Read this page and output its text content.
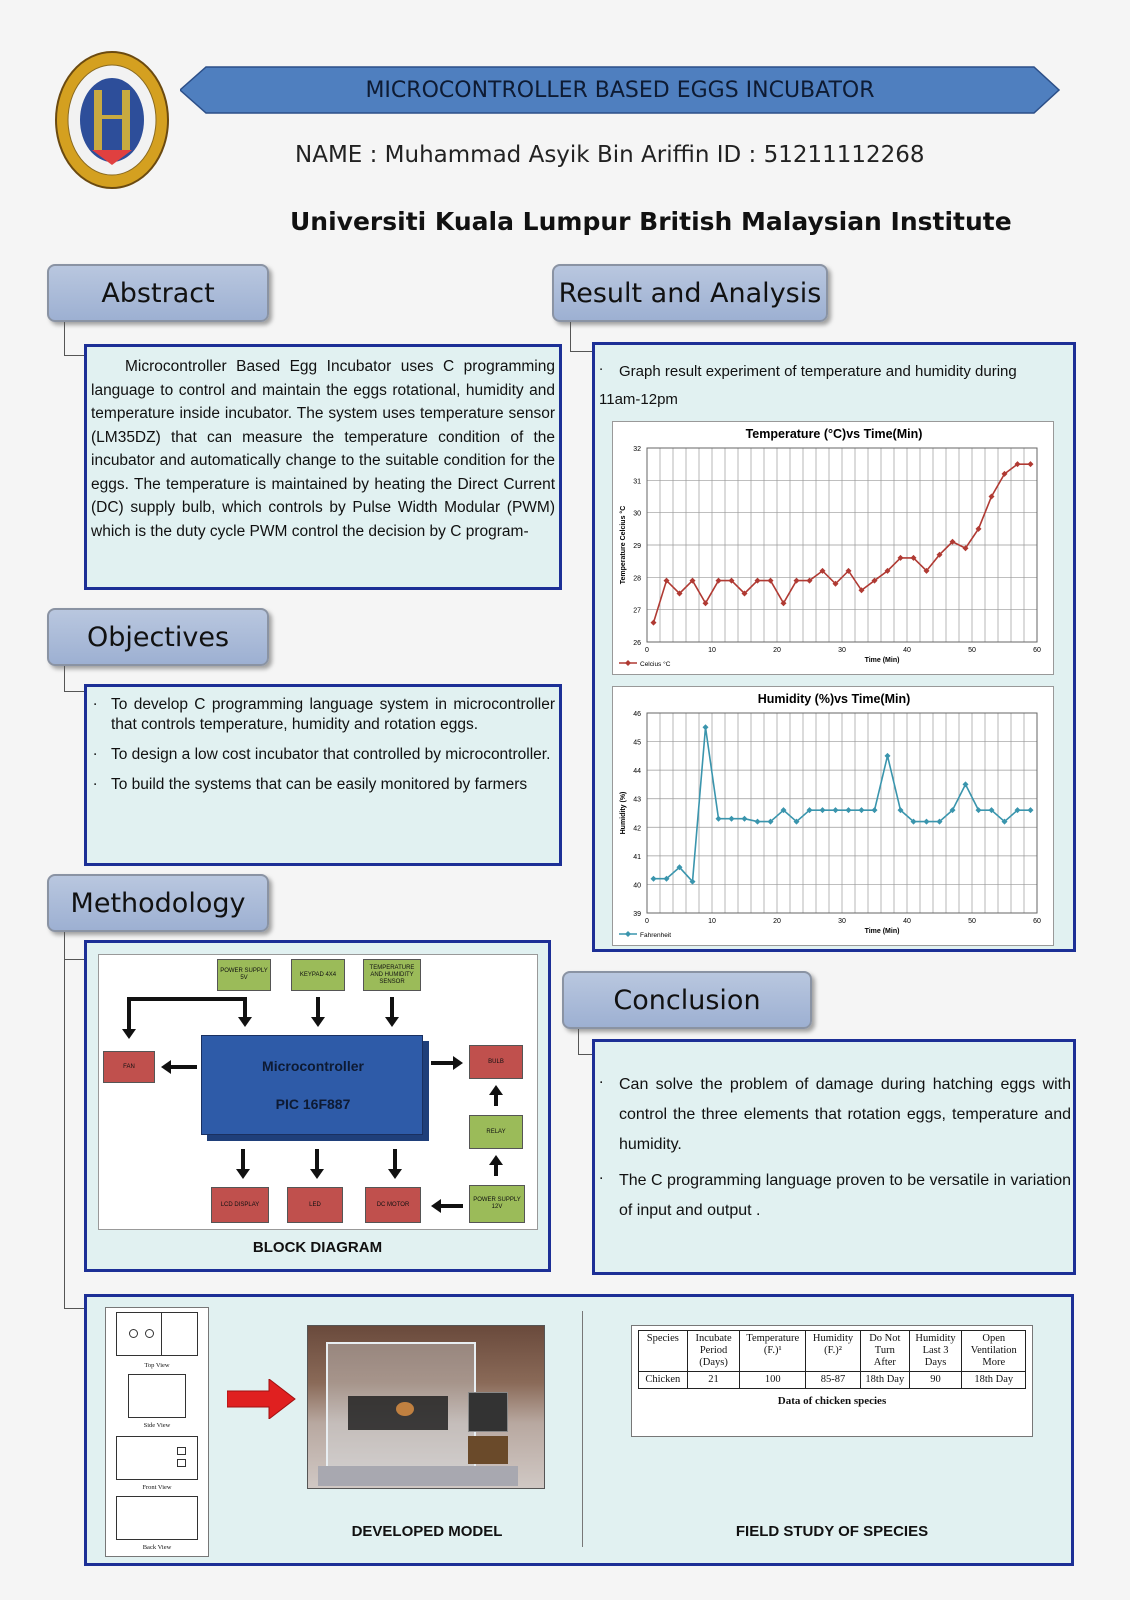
MICROCONTROLLER BASED EGGS INCUBATOR
NAME : Muhammad Asyik Bin Ariffin ID : 51211112268
Universiti Kuala Lumpur British Malaysian Institute
Abstract

Microcontroller Based Egg Incubator uses C programming language to control and maintain the eggs rotational, humidity and temperature inside incubator. The system uses temperature sensor (LM35DZ) that can measure the temperature condition of the incubator and automatically change to the suitable condition for the eggs. The temperature is maintained by heating the Direct Current (DC) supply bulb, which controls by Pulse Width Modular (PWM) which is the duty cycle PWM control the decision by C program-

Objectives
. To develop C programming language system in microcontroller that controls temperature, humidity and rotation eggs.
. To design a low cost incubator that controlled by microcontroller.
. To build the systems that can be easily monitored by farmers
Methodology
POWER SUPPLY 5V
KEYPAD 4X4
TEMPERATURE AND HUMIDITY SENSOR
FAN	Microcontroller
PIC 16F887
BULB
RELAY
POWER SUPPLY 12V
LCD DISPLAY	LED	DC MOTOR
BLOCK DIAGRAM
Result and Analysis
. Graph result experiment of temperature and humidity during
11am-12pm
Temperature (°C)vs Time(Min)
26
27
28
29
30
31
32
0	10	20	30	40	50	60
Time (Min)
Temperature Celcius °C
Celcius °C
Humidity (%)vs Time(Min)
39
40
41
42
43
44
45
46
0	10	20	30	40	50	60
Time (Min)
Humidity (%)
Fahrenheit
Conclusion
. Can solve the problem of damage during hatching eggs with control the three elements that rotation eggs, temperature and humidity.
. The C programming language proven to be versatile in variation of input and output .
Top View
Side View
Front View
Back View
DEVELOPED MODEL
Species	Incubate Period (Days)	Temperature (F.)¹	Humidity (F.)²	Do Not Turn After	Humidity Last 3 Days	Open Ventilation More
Chicken	21	100	85-87	18th Day	90	18th Day
Data of chicken species
FIELD STUDY OF SPECIES
